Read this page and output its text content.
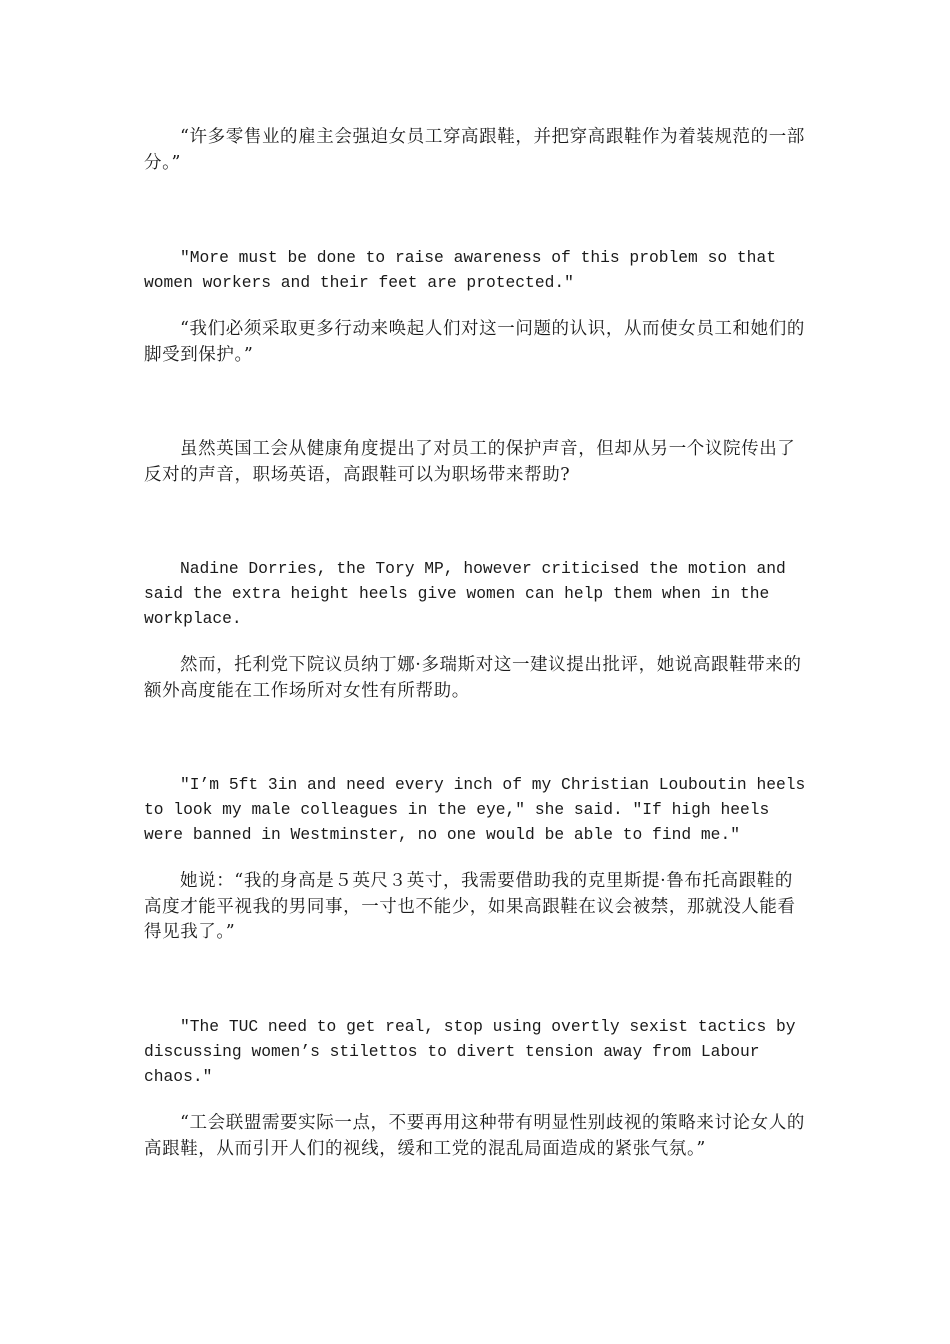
“许多零售业的雇主会强迫女员工穿高跟鞋，并把穿高跟鞋作为着装规范的一部分。”

"More must be done to raise awareness of this problem so that women workers and their feet are protected."

“我们必须采取更多行动来唤起人们对这一问题的认识，从而使女员工和她们的脚受到保护。”

虽然英国工会从健康角度提出了对员工的保护声音，但却从另一个议院传出了反对的声音，职场英语，高跟鞋可以为职场带来帮助?

Nadine Dorries, the Tory MP, however criticised the motion and said the extra height heels give women can help them when in the workplace.

然而，托利党下院议员纳丁娜·多瑞斯对这一建议提出批评，她说高跟鞋带来的额外高度能在工作场所对女性有所帮助。

"I’m 5ft 3in and need every inch of my Christian Louboutin heels to look my male colleagues in the eye," she said. "If high heels were banned in Westminster, no one would be able to find me."

她说：“我的身高是５英尺３英寸，我需要借助我的克里斯提·鲁布托高跟鞋的高度才能平视我的男同事，一寸也不能少，如果高跟鞋在议会被禁，那就没人能看得见我了。”

"The TUC need to get real, stop using overtly sexist tactics by discussing women’s stilettos to divert tension away from Labour chaos."

“工会联盟需要实际一点，不要再用这种带有明显性别歧视的策略来讨论女人的高跟鞋，从而引开人们的视线，缓和工党的混乱局面造成的紧张气氛。”
